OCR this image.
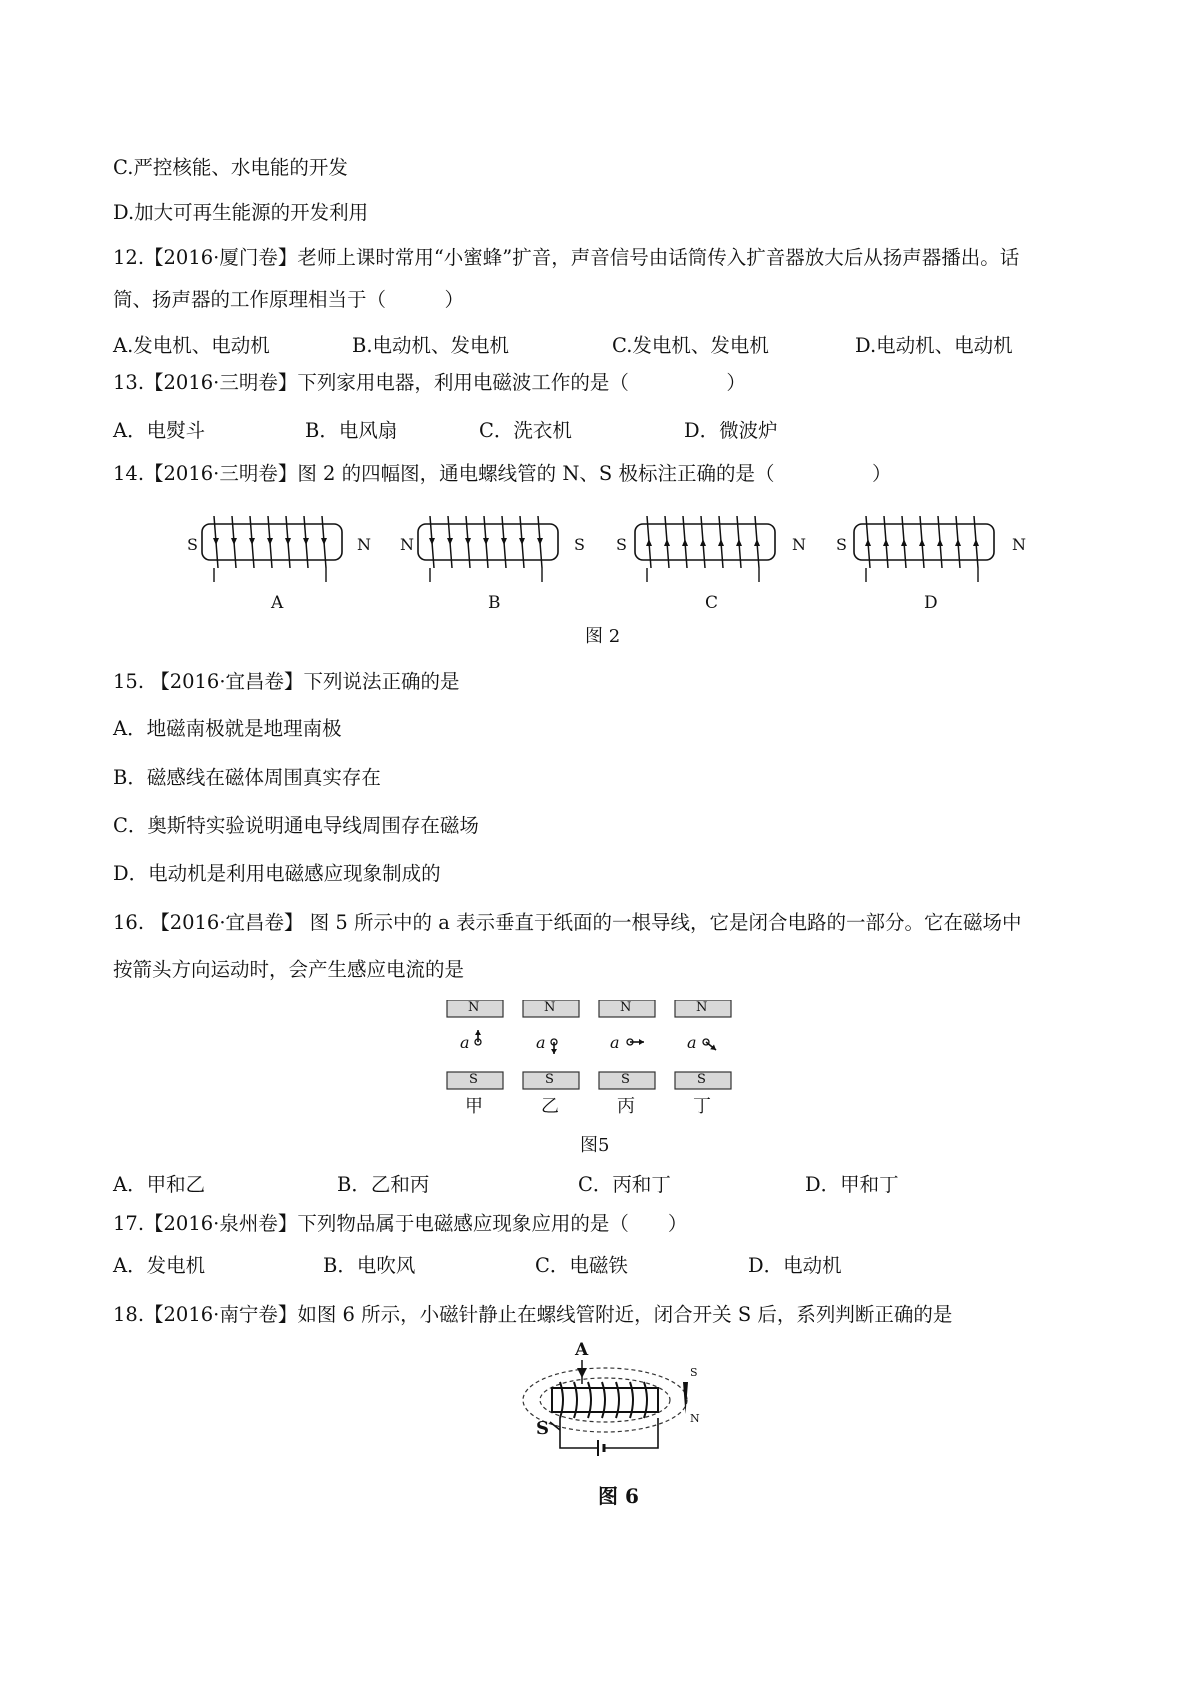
C.严控核能、水电能的开发
D.加大可再生能源的开发利用
12.【2016·厦门卷】老师上课时常用“小蜜蜂”扩音，声音信号由话筒传入扩音器放大后从扬声器播出。话
筒、扬声器的工作原理相当于（　　　）
A.发电机、电动机	B.电动机、发电机	C.发电机、发电机	D.电动机、电动机
13.【2016·三明卷】下列家用电器，利用电磁波工作的是（　　　　　）
A．电熨斗	B．电风扇	C．洗衣机	D．微波炉
14.【2016·三明卷】图 2 的四幅图，通电螺线管的 N、S 极标注正确的是（　　　　　）
S	N
A
N	S
B
S	N
C
S	N
D
图 2
15. 【2016·宜昌卷】下列说法正确的是
A．地磁南极就是地理南极
B．磁感线在磁体周围真实存在
C．奥斯特实验说明通电导线周围存在磁场
D．电动机是利用电磁感应现象制成的
16. 【2016·宜昌卷】 图 5 所示中的 a 表示垂直于纸面的一根导线，它是闭合电路的一部分。它在磁场中
按箭头方向运动时，会产生感应电流的是
N	N	N	N
a	a	a	a
S	S	S	S
甲	乙	丙	丁
图5
A．甲和乙	B．乙和丙	C．丙和丁	D．甲和丁
17.【2016·泉州卷】下列物品属于电磁感应现象应用的是（　　）
A．发电机	B．电吹风	C．电磁铁	D．电动机
18.【2016·南宁卷】如图 6 所示，小磁针静止在螺线管附近，闭合开关 S 后，系列判断正确的是
A
S
S
N
图 6
